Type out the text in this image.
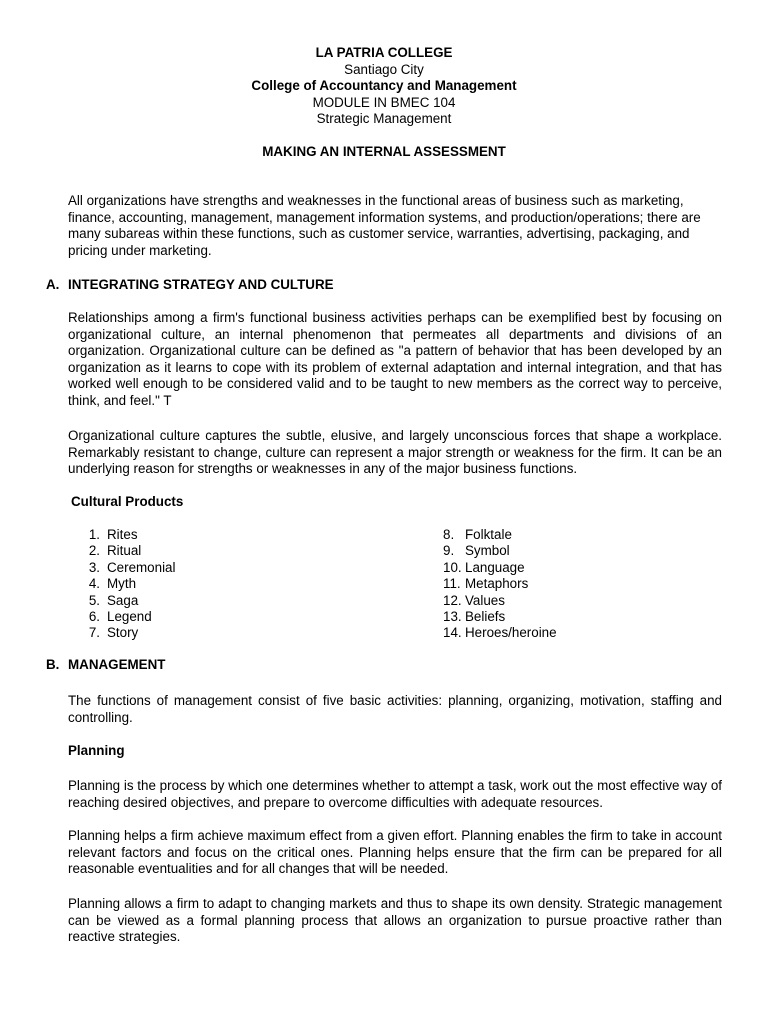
LA PATRIA COLLEGE
Santiago City
College of Accountancy and Management
MODULE IN BMEC 104
Strategic Management
MAKING AN INTERNAL ASSESSMENT

All organizations have strengths and weaknesses in the functional areas of business such as marketing, finance, accounting, management, management information systems, and production/operations; there are many subareas within these functions, such as customer service, warranties, advertising, packaging, and pricing under marketing.

A. INTEGRATING STRATEGY AND CULTURE

Relationships among a firm's functional business activities perhaps can be exemplified best by focusing on organizational culture, an internal phenomenon that permeates all departments and divisions of an organization. Organizational culture can be defined as "a pattern of behavior that has been developed by an organization as it learns to cope with its problem of external adaptation and internal integration, and that has worked well enough to be considered valid and to be taught to new members as the correct way to perceive, think, and feel." T

Organizational culture captures the subtle, elusive, and largely unconscious forces that shape a workplace. Remarkably resistant to change, culture can represent a major strength or weakness for the firm. It can be an underlying reason for strengths or weaknesses in any of the major business functions.

Cultural Products
1. Rites
2. Ritual
3. Ceremonial
4. Myth
5. Saga
6. Legend
7. Story
8. Folktale
9. Symbol
10. Language
11. Metaphors
12. Values
13. Beliefs
14. Heroes/heroine
B. MANAGEMENT

The functions of management consist of five basic activities: planning, organizing, motivation, staffing and controlling.

Planning

Planning is the process by which one determines whether to attempt a task, work out the most effective way of reaching desired objectives, and prepare to overcome difficulties with adequate resources.

Planning helps a firm achieve maximum effect from a given effort. Planning enables the firm to take in account relevant factors and focus on the critical ones. Planning helps ensure that the firm can be prepared for all reasonable eventualities and for all changes that will be needed.

Planning allows a firm to adapt to changing markets and thus to shape its own density. Strategic management can be viewed as a formal planning process that allows an organization to pursue proactive rather than reactive strategies.
